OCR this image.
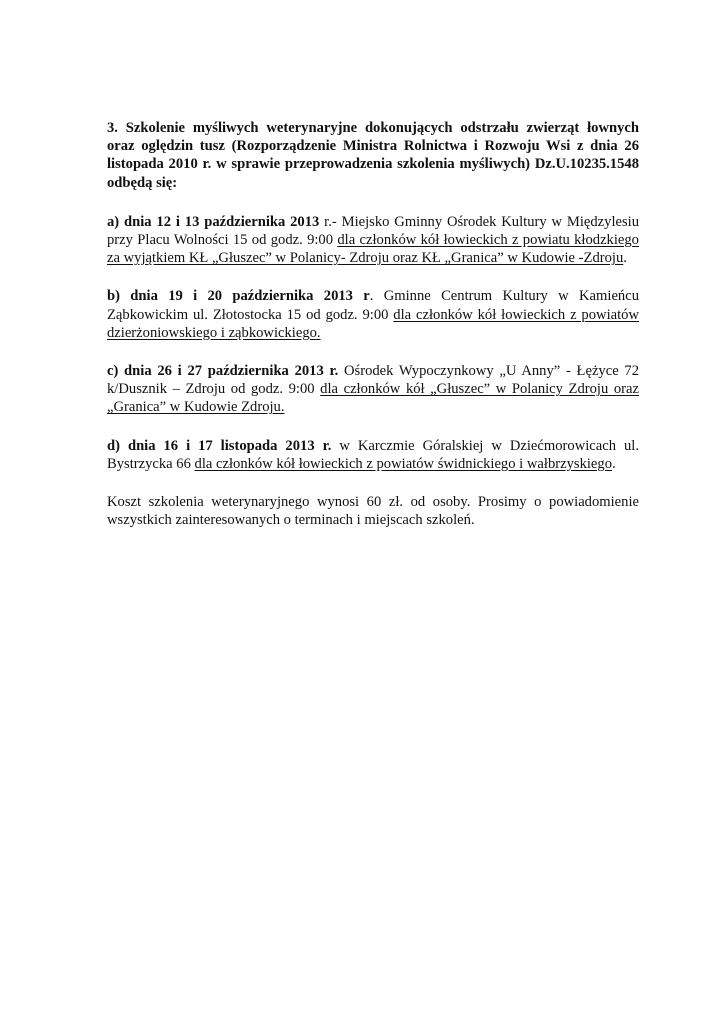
3. Szkolenie myśliwych weterynaryjne dokonujących odstrzału zwierząt łownych oraz oględzin tusz (Rozporządzenie Ministra Rolnictwa i Rozwoju Wsi z dnia 26 listopada 2010 r. w sprawie przeprowadzenia szkolenia myśliwych) Dz.U.10235.1548 odbędą się:

a) dnia 12 i 13 października 2013 r.- Miejsko Gminny Ośrodek Kultury w Międzylesiu przy Placu Wolności 15 od godz. 9:00 dla członków kół łowieckich z powiatu kłodzkiego za wyjątkiem KŁ „Głuszec” w Polanicy- Zdroju oraz KŁ „Granica” w Kudowie -Zdroju.

b) dnia 19 i 20 października 2013 r. Gminne Centrum Kultury w Kamieńcu Ząbkowickim ul. Złotostocka 15 od godz. 9:00 dla członków kół łowieckich z powiatów dzierżoniowskiego i ząbkowickiego.

c) dnia 26 i 27 października 2013 r. Ośrodek Wypoczynkowy „U Anny” - Łężyce 72 k/Dusznik – Zdroju od godz. 9:00 dla członków kół „Głuszec” w Polanicy Zdroju oraz „Granica” w Kudowie Zdroju.

d) dnia 16 i 17 listopada 2013 r. w Karczmie Góralskiej w Dziećmorowicach ul. Bystrzycka 66 dla członków kół łowieckich z powiatów świdnickiego i wałbrzyskiego.

Koszt szkolenia weterynaryjnego wynosi 60 zł. od osoby. Prosimy o powiadomienie wszystkich zainteresowanych o terminach i miejscach szkoleń.
